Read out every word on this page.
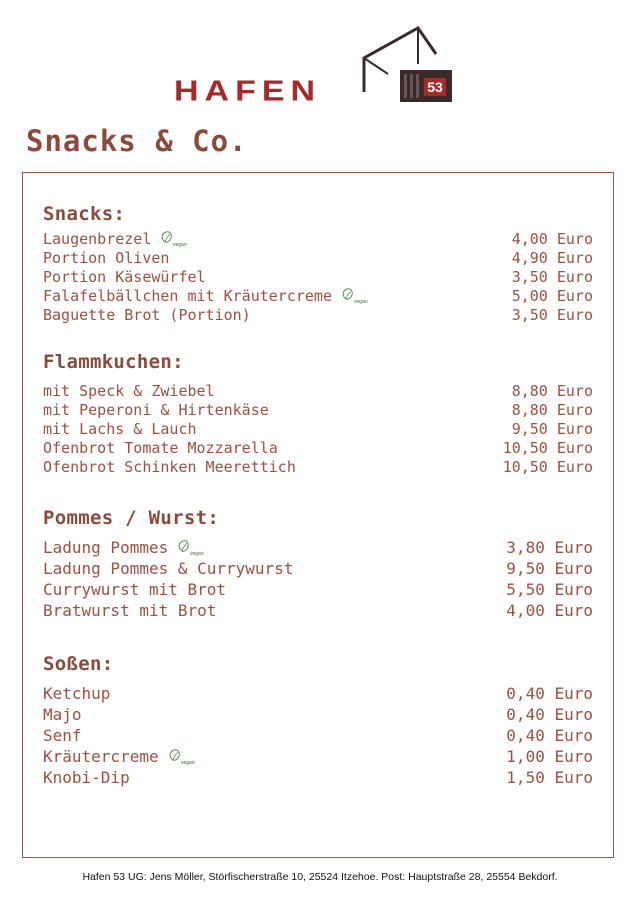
53
HAFEN
Snacks & Co.
Snacks:
Laugenbrezel	vegan	4,00 Euro
Portion Oliven	4,90 Euro
Portion Käsewürfel	3,50 Euro
Falafelbällchen mit Kräutercreme	vegan	5,00 Euro
Baguette Brot (Portion)	3,50 Euro
Flammkuchen:
mit Speck & Zwiebel	8,80 Euro
mit Peperoni & Hirtenkäse	8,80 Euro
mit Lachs & Lauch	9,50 Euro
Ofenbrot Tomate Mozzarella	10,50 Euro
Ofenbrot Schinken Meerettich	10,50 Euro
Pommes / Wurst:
Ladung Pommes	vegan	3,80 Euro
Ladung Pommes & Currywurst	9,50 Euro
Currywurst mit Brot	5,50 Euro
Bratwurst mit Brot	4,00 Euro
Soßen:
Ketchup	0,40 Euro
Majo	0,40 Euro
Senf	0,40 Euro
Kräutercreme	vegan	1,00 Euro
Knobi-Dip	1,50 Euro
Hafen 53 UG: Jens Möller, Störfischerstraße 10, 25524 Itzehoe. Post: Hauptstraße 28, 25554 Bekdorf.
